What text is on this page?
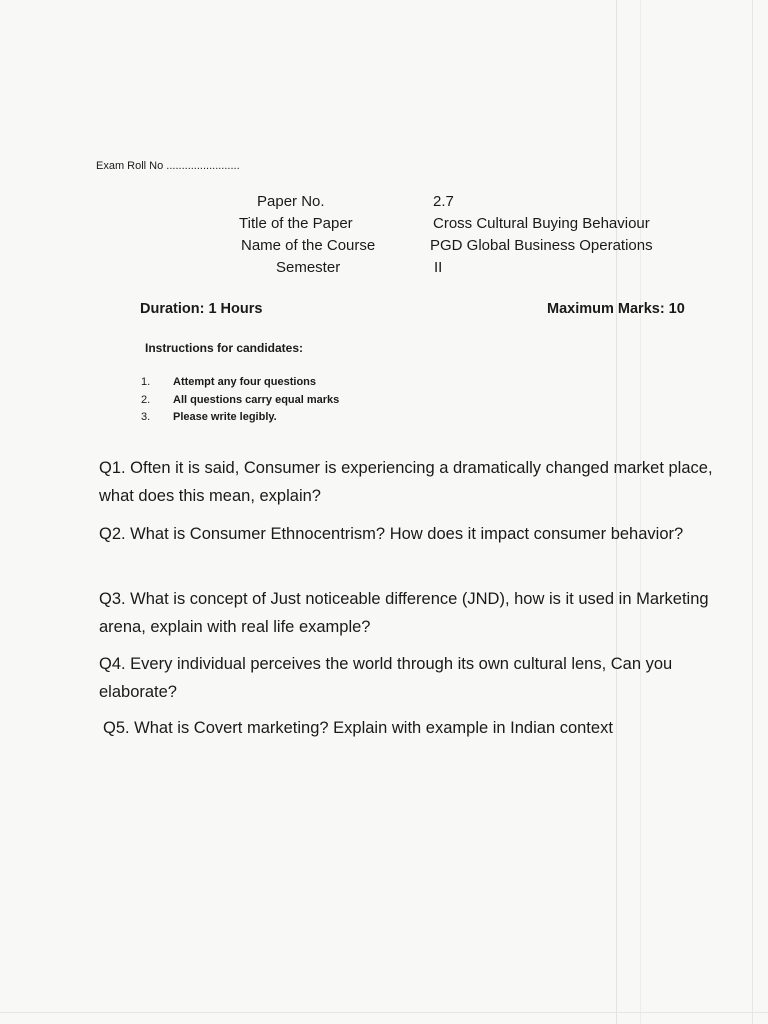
Exam Roll No ........................
Paper No.	2.7
Title of the Paper	Cross Cultural Buying Behaviour
Name of the Course	PGD Global Business Operations
Semester	II
Duration: 1 Hours	Maximum Marks: 10
Instructions for candidates:
1. Attempt any four questions
2. All questions carry equal marks
3. Please write legibly.
Q1. Often it is said, Consumer is experiencing a dramatically changed market place, what does this mean, explain?
Q2. What is Consumer Ethnocentrism? How does it impact consumer behavior?
Q3. What is concept of Just noticeable difference (JND), how is it used in Marketing arena, explain with real life example?
Q4. Every individual perceives the world through its own cultural lens, Can you elaborate?
Q5. What is Covert marketing? Explain with example in Indian context
